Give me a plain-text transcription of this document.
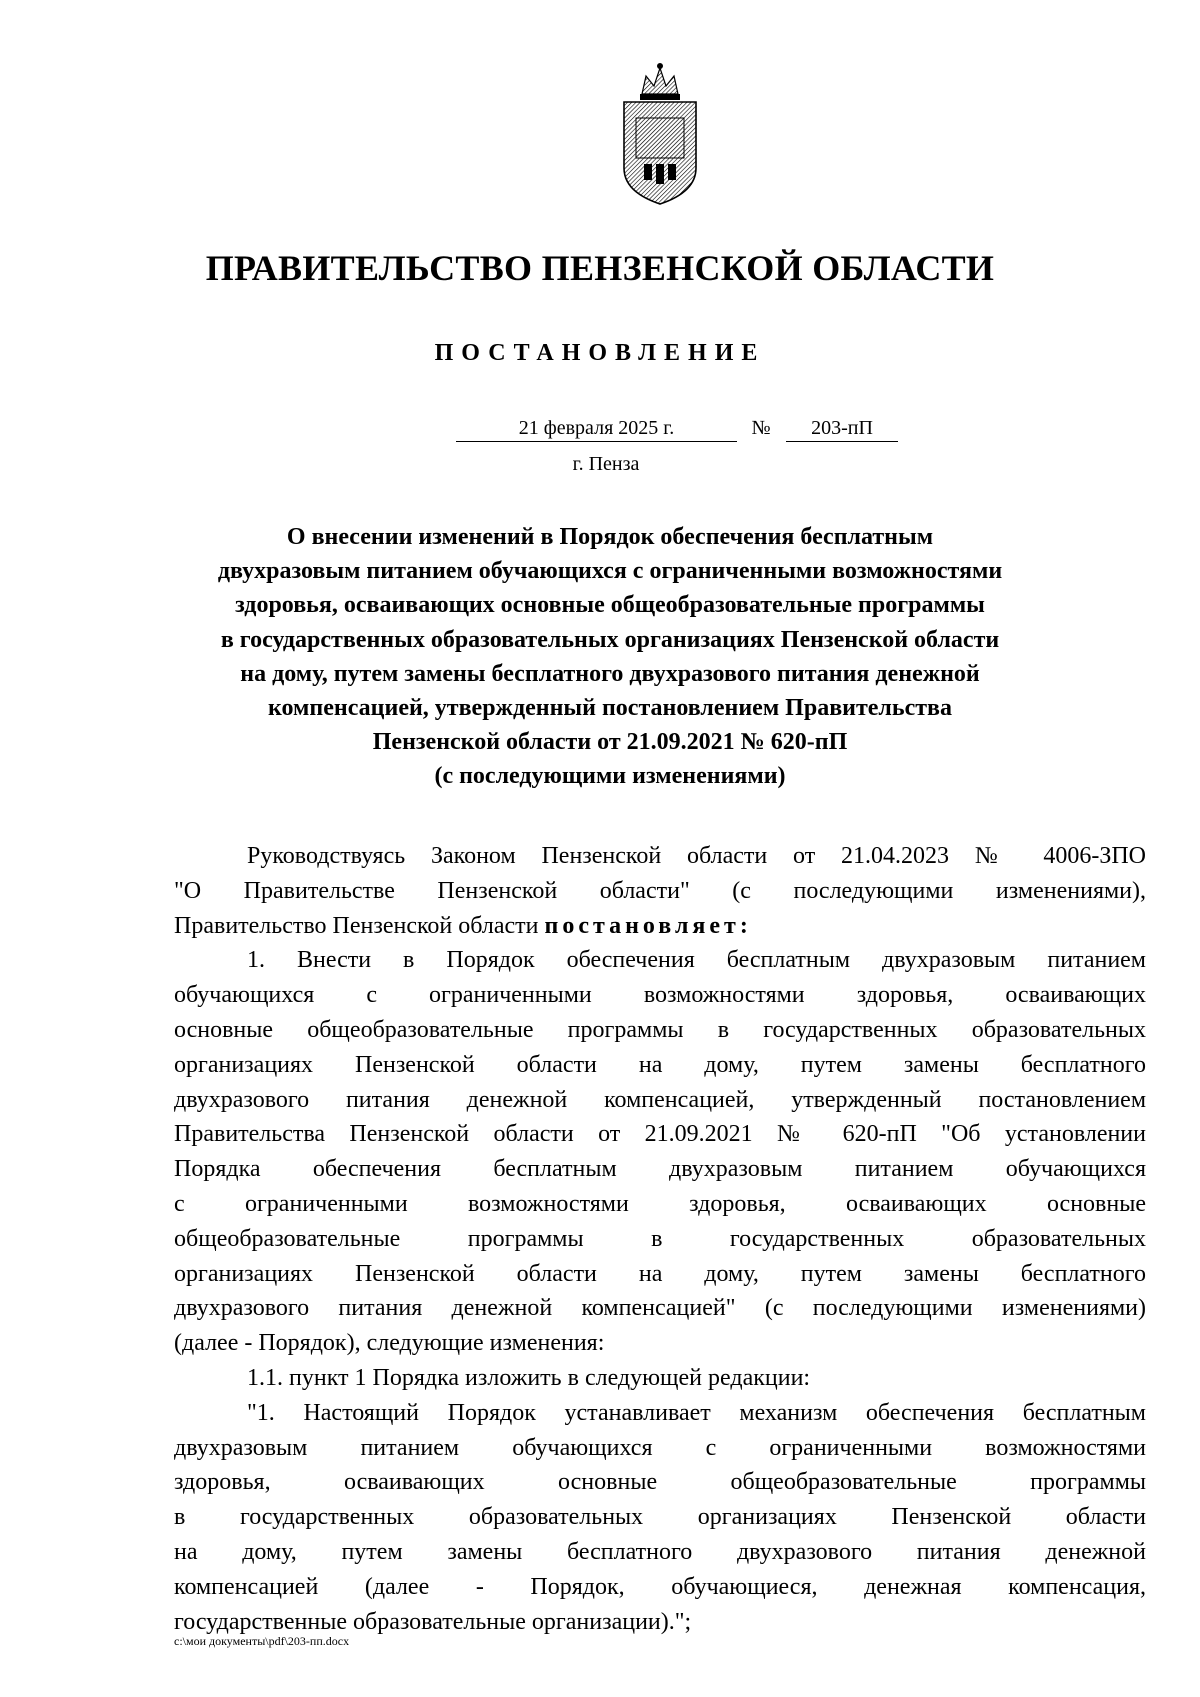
ПРАВИТЕЛЬСТВО ПЕНЗЕНСКОЙ ОБЛАСТИ
ПОСТАНОВЛЕНИЕ
21 февраля 2025 г.	№	203-пП
г. Пенза
О внесении изменений в Порядок обеспечения бесплатным
двухразовым питанием обучающихся с ограниченными возможностями
здоровья, осваивающих основные общеобразовательные программы
в государственных образовательных организациях Пензенской области
на дому, путем замены бесплатного двухразового питания денежной
компенсацией, утвержденный постановлением Правительства
Пензенской области от 21.09.2021 № 620-пП
(с последующими изменениями)
Руководствуясь Законом Пензенской области от 21.04.2023 № 4006-ЗПО
"О Правительстве Пензенской области" (с последующими изменениями),
Правительство Пензенской области постановляет:
1. Внести в Порядок обеспечения бесплатным двухразовым питанием
обучающихся с ограниченными возможностями здоровья, осваивающих
основные общеобразовательные программы в государственных образовательных
организациях Пензенской области на дому, путем замены бесплатного
двухразового питания денежной компенсацией, утвержденный постановлением
Правительства Пензенской области от 21.09.2021 № 620-пП "Об установлении
Порядка обеспечения бесплатным двухразовым питанием обучающихся
с ограниченными возможностями здоровья, осваивающих основные
общеобразовательные программы в государственных образовательных
организациях Пензенской области на дому, путем замены бесплатного
двухразового питания денежной компенсацией" (с последующими изменениями)
(далее - Порядок), следующие изменения:
1.1. пункт 1 Порядка изложить в следующей редакции:
"1. Настоящий Порядок устанавливает механизм обеспечения бесплатным
двухразовым питанием обучающихся с ограниченными возможностями
здоровья, осваивающих основные общеобразовательные программы
в государственных образовательных организациях Пензенской области
на дому, путем замены бесплатного двухразового питания денежной
компенсацией (далее - Порядок, обучающиеся, денежная компенсация,
государственные образовательные организации).";
c:\мои документы\pdf\203-пп.docx
